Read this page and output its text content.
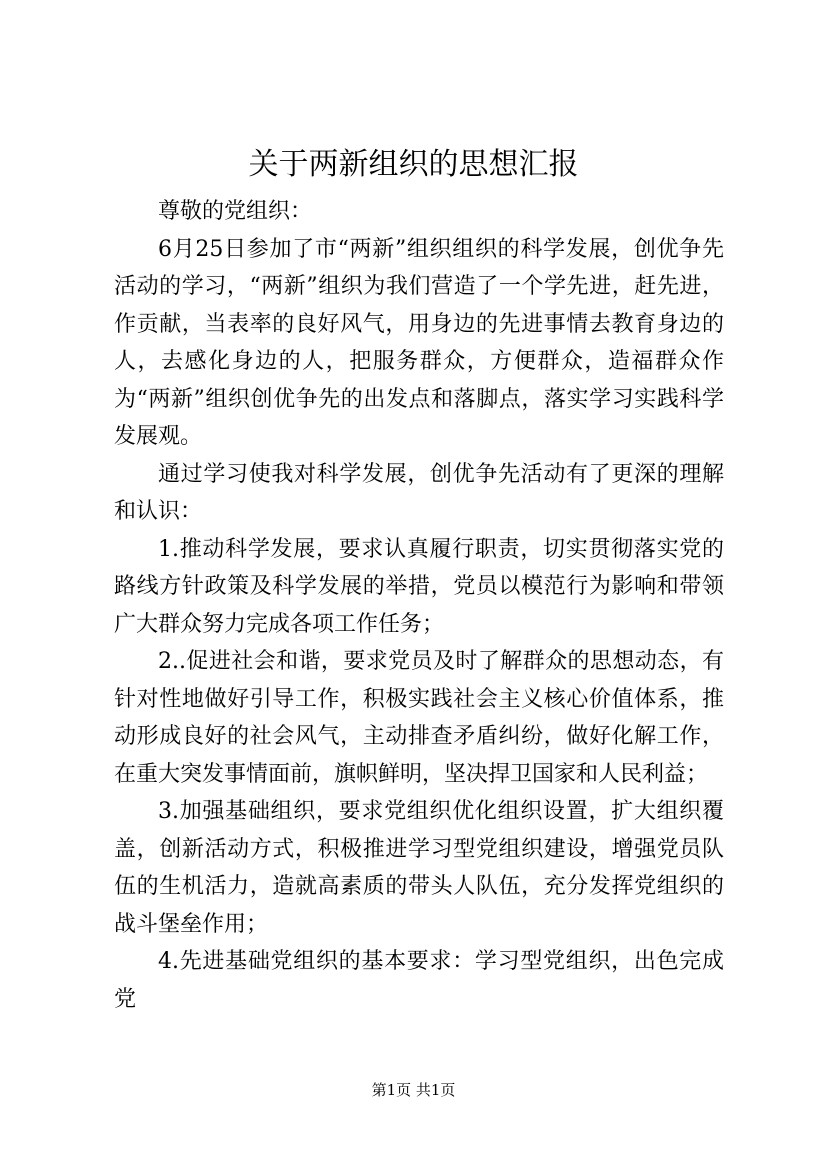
关于两新组织的思想汇报

尊敬的党组织：

6月25日参加了市“两新”组织组织的科学发展，创优争先活动的学习，“两新”组织为我们营造了一个学先进，赶先进，作贡献，当表率的良好风气，用身边的先进事情去教育身边的人，去感化身边的人，把服务群众，方便群众，造福群众作为“两新”组织创优争先的出发点和落脚点，落实学习实践科学发展观。

通过学习使我对科学发展，创优争先活动有了更深的理解和认识：

1.推动科学发展，要求认真履行职责，切实贯彻落实党的路线方针政策及科学发展的举措，党员以模范行为影响和带领广大群众努力完成各项工作任务；

2..促进社会和谐，要求党员及时了解群众的思想动态，有针对性地做好引导工作，积极实践社会主义核心价值体系，推动形成良好的社会风气，主动排查矛盾纠纷，做好化解工作，在重大突发事情面前，旗帜鲜明，坚决捍卫国家和人民利益；

3.加强基础组织，要求党组织优化组织设置，扩大组织覆盖，创新活动方式，积极推进学习型党组织建设，增强党员队伍的生机活力，造就高素质的带头人队伍，充分发挥党组织的战斗堡垒作用；

4.先进基础党组织的基本要求：学习型党组织，出色完成党

第1页 共1页
